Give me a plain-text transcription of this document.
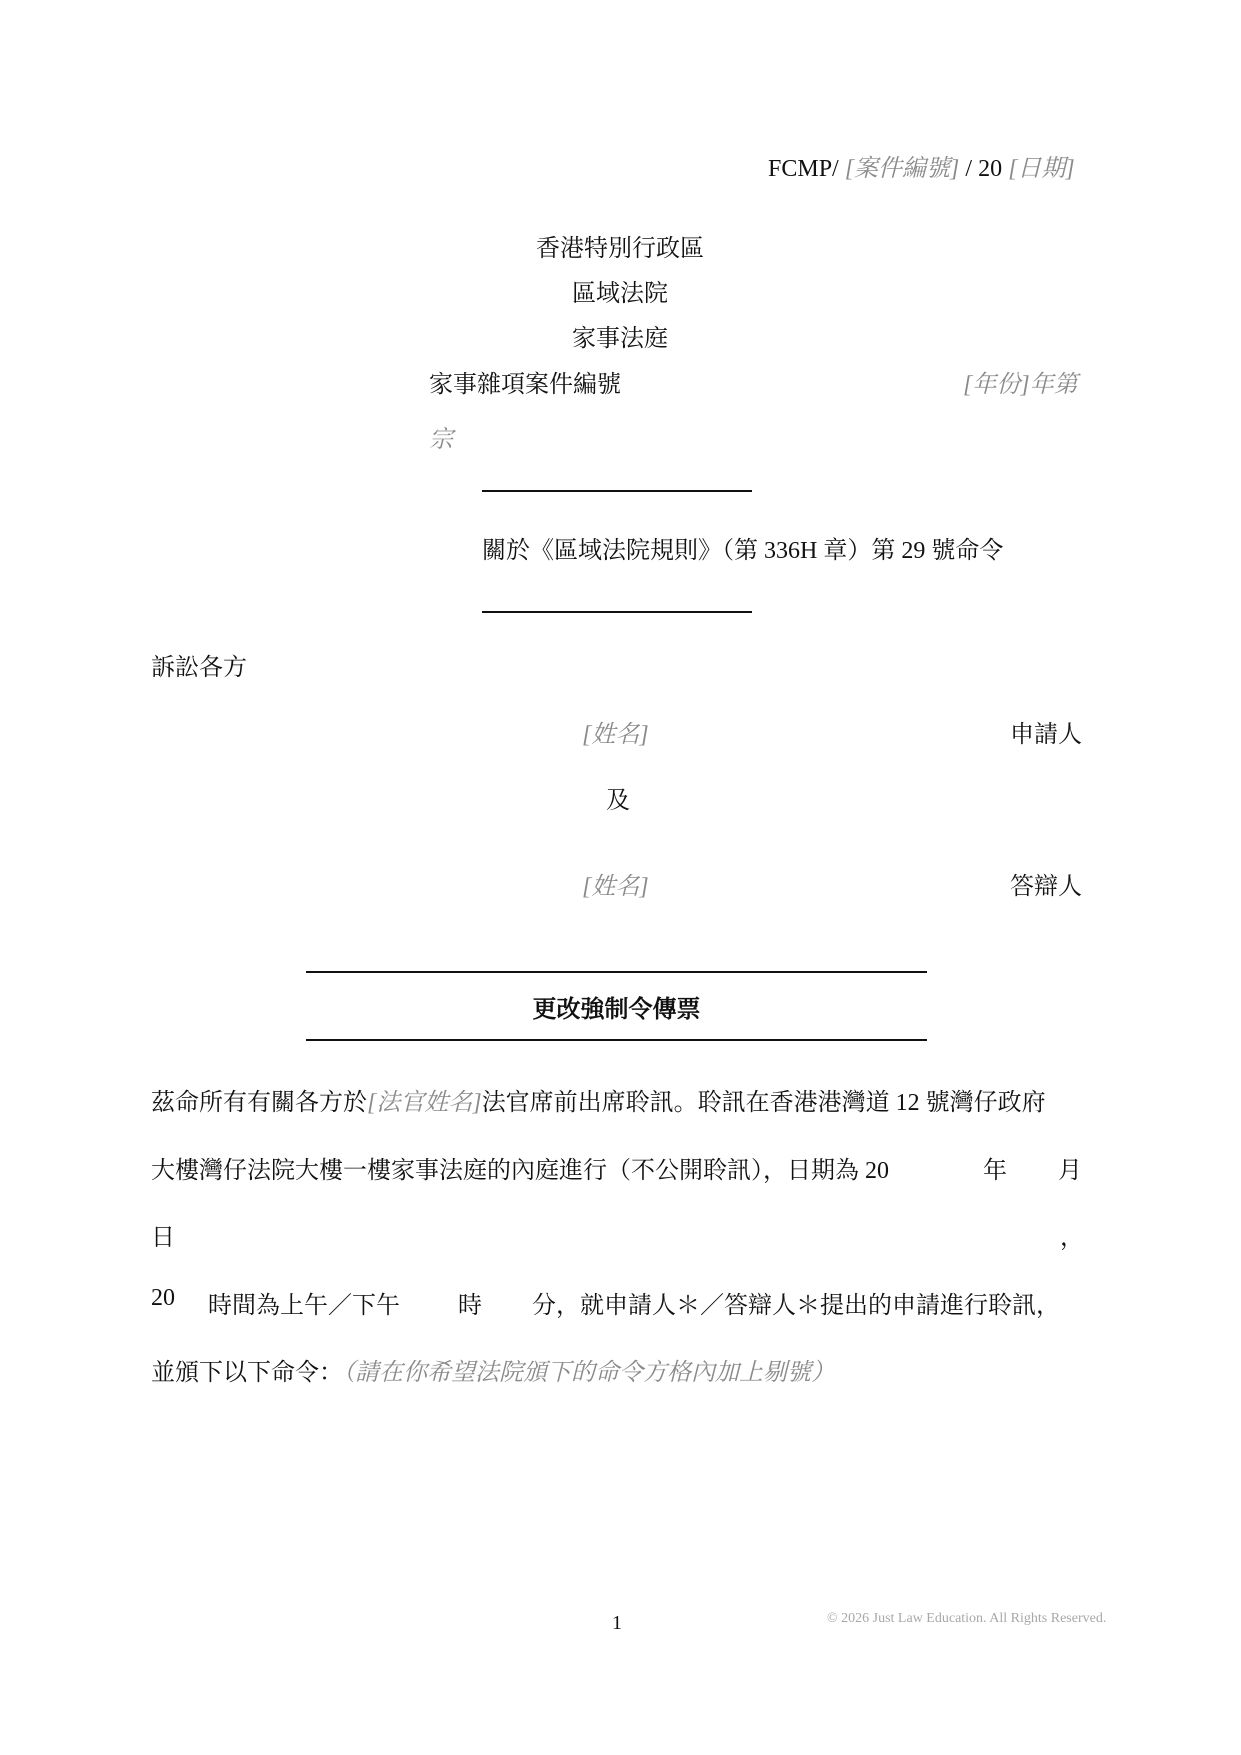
FCMP/ [案件編號] / 20 [日期]
香港特別行政區
區域法院
家事法庭
家事雜項案件編號	[年份]年第
宗
關於《區域法院規則》（第 336H 章）第 29 號命令
訴訟各方
[姓名]	申請人
及
[姓名]	答辯人
更改強制令傳票
茲命所有有關各方於[法官姓名]法官席前出席聆訊。聆訊在香港港灣道 12 號灣仔政府
大樓灣仔法院大樓一樓家事法庭的內庭進行（不公開聆訊），日期為 20	年 月
日	，
20 時間為上午／下午 時 分，就申請人＊／答辯人＊提出的申請進行聆訊，
並頒下以下命令：（請在你希望法院頒下的命令方格內加上剔號）
1	© 2026 Just Law Education. All Rights Reserved.
